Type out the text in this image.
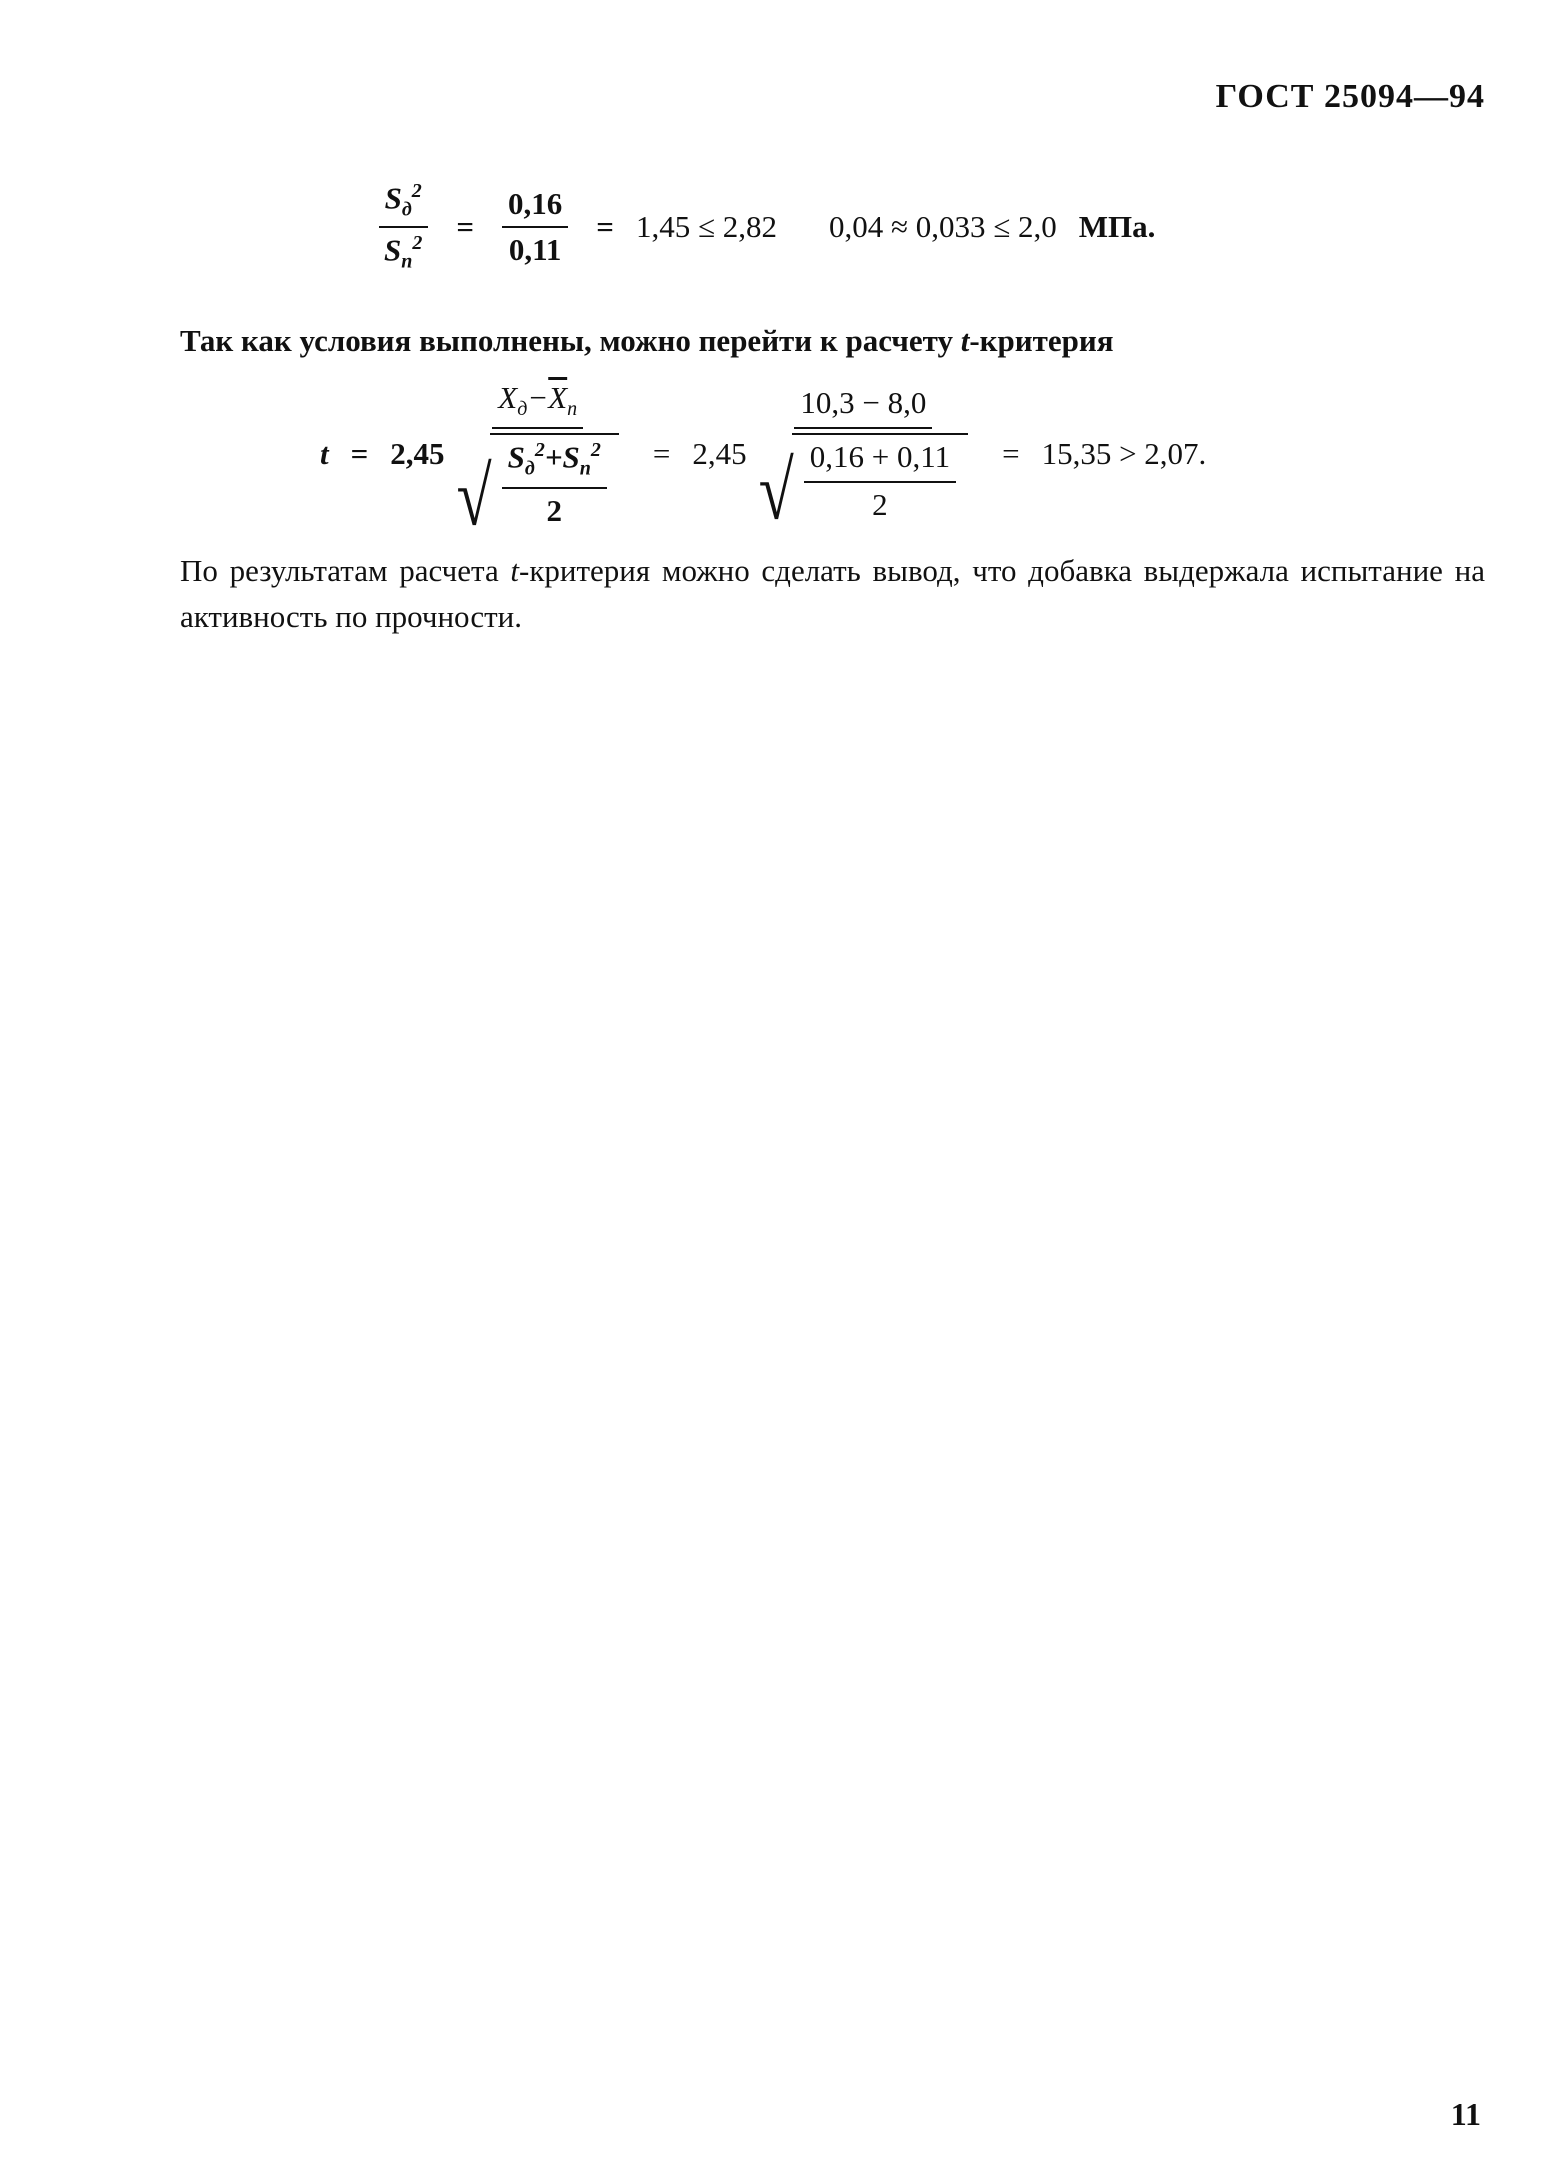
ГОСТ 25094—94
$\frac{S_д^2}{S_п^2} = \frac{0,16}{0,11} = 1,45 \le 2,82$ 0,04 ≈ 0,033 ≤ 2,0 МПа.
Так как условия выполнены, можно перейти к расчету t-критерия
t = 2,45
$X_д-\overline{X}_п$
√ $\frac{S_д^2+S_п^2}{2} = 2,45$
10,3 − 8,0
√ $\frac{0,16 + 0,11}{2} = 15,35 > 2,07$.
По результатам расчета t-критерия можно сделать вывод, что добавка выдержала испытание на активность по прочности.
11
